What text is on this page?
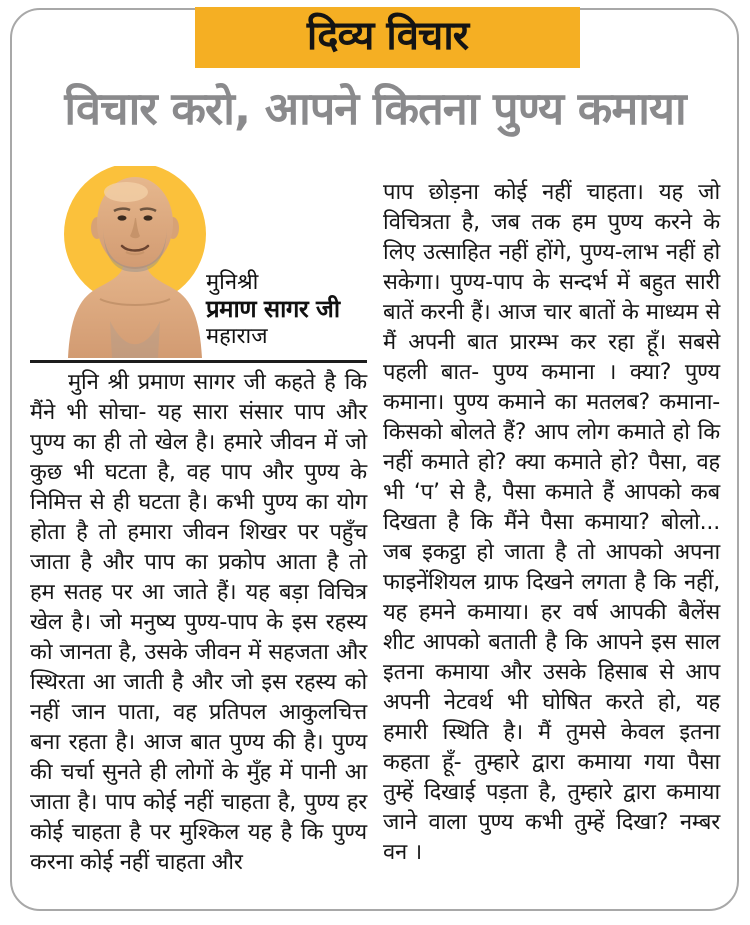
दिव्य विचार
विचार करो, आपने कितना पुण्य कमाया
मुनिश्री
प्रमाण सागर जी
महाराज

मुनि श्री प्रमाण सागर जी कहते है कि मैंने भी सोचा- यह सारा संसार पाप और पुण्य का ही तो खेल है। हमारे जीवन में जो कुछ भी घटता है, वह पाप और पुण्य के निमित्त से ही घटता है। कभी पुण्य का योग होता है तो हमारा जीवन शिखर पर पहुँच जाता है और पाप का प्रकोप आता है तो हम सतह पर आ जाते हैं। यह बड़ा विचित्र खेल है। जो मनुष्य पुण्य-पाप के इस रहस्य को जानता है, उसके जीवन में सहजता और स्थिरता आ जाती है और जो इस रहस्य को नहीं जान पाता, वह प्रतिपल आकुलचित्त बना रहता है। आज बात पुण्य की है। पुण्य की चर्चा सुनते ही लोगों के मुँह में पानी आ जाता है। पाप कोई नहीं चाहता है, पुण्य हर कोई चाहता है पर मुश्किल यह है कि पुण्य करना कोई नहीं चाहता और

पाप छोड़ना कोई नहीं चाहता। यह जो विचित्रता है, जब तक हम पुण्य करने के लिए उत्साहित नहीं होंगे, पुण्य-लाभ नहीं हो सकेगा। पुण्य-पाप के सन्दर्भ में बहुत सारी बातें करनी हैं। आज चार बातों के माध्यम से मैं अपनी बात प्रारम्भ कर रहा हूँ। सबसे पहली बात- पुण्य कमाना । क्या? पुण्य कमाना। पुण्य कमाने का मतलब? कमाना- किसको बोलते हैं? आप लोग कमाते हो कि नहीं कमाते हो? क्या कमाते हो? पैसा, वह भी ‘प’ से है, पैसा कमाते हैं आपको कब दिखता है कि मैंने पैसा कमाया? बोलो... जब इकट्ठा हो जाता है तो आपको अपना फाइनेंशियल ग्राफ दिखने लगता है कि नहीं, यह हमने कमाया। हर वर्ष आपकी बैलेंस शीट आपको बताती है कि आपने इस साल इतना कमाया और उसके हिसाब से आप अपनी नेटवर्थ भी घोषित करते हो, यह हमारी स्थिति है। मैं तुमसे केवल इतना कहता हूँ- तुम्हारे द्वारा कमाया गया पैसा तुम्हें दिखाई पड़ता है, तुम्हारे द्वारा कमाया जाने वाला पुण्य कभी तुम्हें दिखा? नम्बर वन ।
